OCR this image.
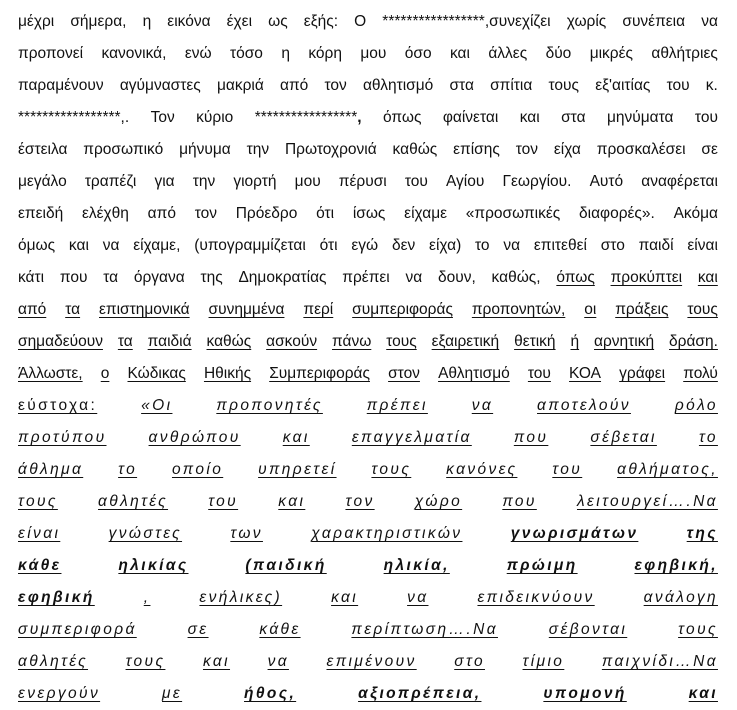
μέχρι σήμερα, η εικόνα έχει ως εξής: Ο *****************,συνεχίζει χωρίς συνέπεια να
προπονεί κανονικά, ενώ τόσο η κόρη μου όσο και άλλες δύο μικρές αθλήτριες
παραμένουν αγύμναστες μακριά από τον αθλητισμό στα σπίτια τους εξ'αιτίας του κ.
*****************,. Τον κύριο *****************, όπως φαίνεται και στα μηνύματα του
έστειλα προσωπικό μήνυμα την Πρωτοχρονιά καθώς επίσης τον είχα προσκαλέσει σε
μεγάλο τραπέζι για την γιορτή μου πέρυσι του Αγίου Γεωργίου. Αυτό αναφέρεται
επειδή ελέχθη από τον Πρόεδρο ότι ίσως είχαμε «προσωπικές διαφορές». Ακόμα
όμως και να είχαμε, (υπογραμμίζεται ότι εγώ δεν είχα) το να επιτεθεί στο παιδί είναι
κάτι που τα όργανα της Δημοκρατίας πρέπει να δουν, καθώς, όπως προκύπτει και
από τα επιστημονικά συνημμένα περί συμπεριφοράς προπονητών, οι πράξεις τους
σημαδεύουν τα παιδιά καθώς ασκούν πάνω τους εξαιρετική θετική ή αρνητική δράση.
Άλλωστε, ο Κώδικας Ηθικής Συμπεριφοράς στον Αθλητισμό του ΚΟΑ γράφει πολύ
εύστοχα:	«Οι	προπονητές	πρέπει	να	αποτελούν	ρόλο
προτύπου	ανθρώπου	και	επαγγελματία	που	σέβεται	το
άθλημα το οποίο υπηρετεί τους κανόνες του αθλήματος,
τους	αθλητές	του	και	τον	χώρο	που	λειτουργεί….Να
είναι	γνώστες	των	χαρακτηριστικών	γνωρισμάτων	της
κάθε	ηλικίας	(παιδική	ηλικία,	πρώιμη	εφηβική,
εφηβική	,	ενήλικες)	και	να	επιδεικνύουν	ανάλογη
συμπεριφορά	σε	κάθε	περίπτωση….Να	σέβονται	τους
αθλητές τους και να επιμένουν στο τίμιο παιχνίδι…Να
ενεργούν	με	ήθος,	αξιοπρέπεια,	υπομονή	και
